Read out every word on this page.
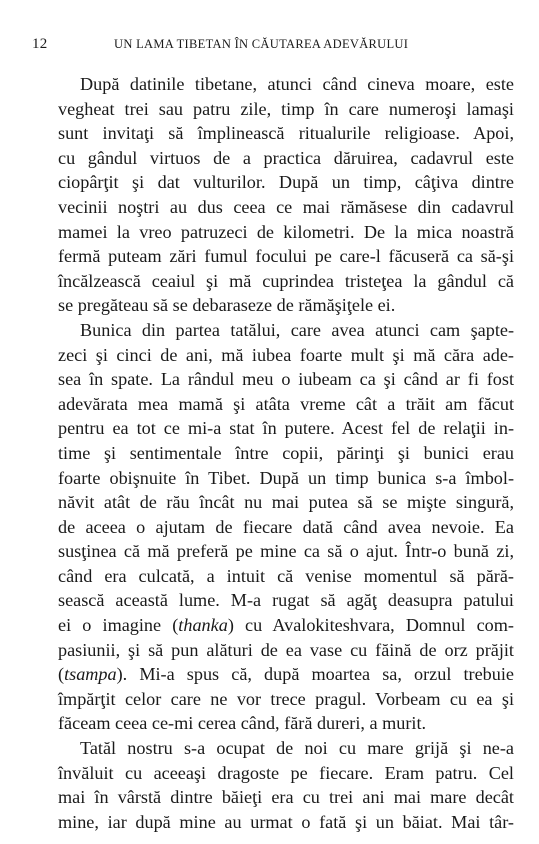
12	UN LAMA TIBETAN ÎN CĂUTAREA ADEVĂRULUI

După datinile tibetane, atunci când cineva moare, este
vegheat trei sau patru zile, timp în care numeroşi lamaşi
sunt invitaţi să împlinească ritualurile religioase. Apoi,
cu gândul virtuos de a practica dăruirea, cadavrul este
ciopârţit şi dat vulturilor. După un timp, câţiva dintre
vecinii noştri au dus ceea ce mai rămăsese din cadavrul
mamei la vreo patruzeci de kilometri. De la mica noastră
fermă puteam zări fumul focului pe care-l făcuseră ca să-şi
încălzească ceaiul şi mă cuprindea tristeţea la gândul că
se pregăteau să se debaraseze de rămăşiţele ei.

Bunica din partea tatălui, care avea atunci cam şapte-
zeci şi cinci de ani, mă iubea foarte mult şi mă căra ade-
sea în spate. La rândul meu o iubeam ca şi când ar fi fost
adevărata mea mamă şi atâta vreme cât a trăit am făcut
pentru ea tot ce mi-a stat în putere. Acest fel de relaţii in-
time şi sentimentale între copii, părinţi şi bunici erau
foarte obişnuite în Tibet. După un timp bunica s-a îmbol-
năvit atât de rău încât nu mai putea să se mişte singură,
de aceea o ajutam de fiecare dată când avea nevoie. Ea
susţinea că mă preferă pe mine ca să o ajut. Într-o bună zi,
când era culcată, a intuit că venise momentul să pără-
sească această lume. M-a rugat să agăţ deasupra patului
ei o imagine (thanka) cu Avalokiteshvara, Domnul com-
pasiunii, şi să pun alături de ea vase cu făină de orz prăjit
(tsampa). Mi-a spus că, după moartea sa, orzul trebuie
împărţit celor care ne vor trece pragul. Vorbeam cu ea şi
făceam ceea ce-mi cerea când, fără dureri, a murit.

Tatăl nostru s-a ocupat de noi cu mare grijă şi ne-a
învăluit cu aceeaşi dragoste pe fiecare. Eram patru. Cel
mai în vârstă dintre băieţi era cu trei ani mai mare decât
mine, iar după mine au urmat o fată şi un băiat. Mai târ-
